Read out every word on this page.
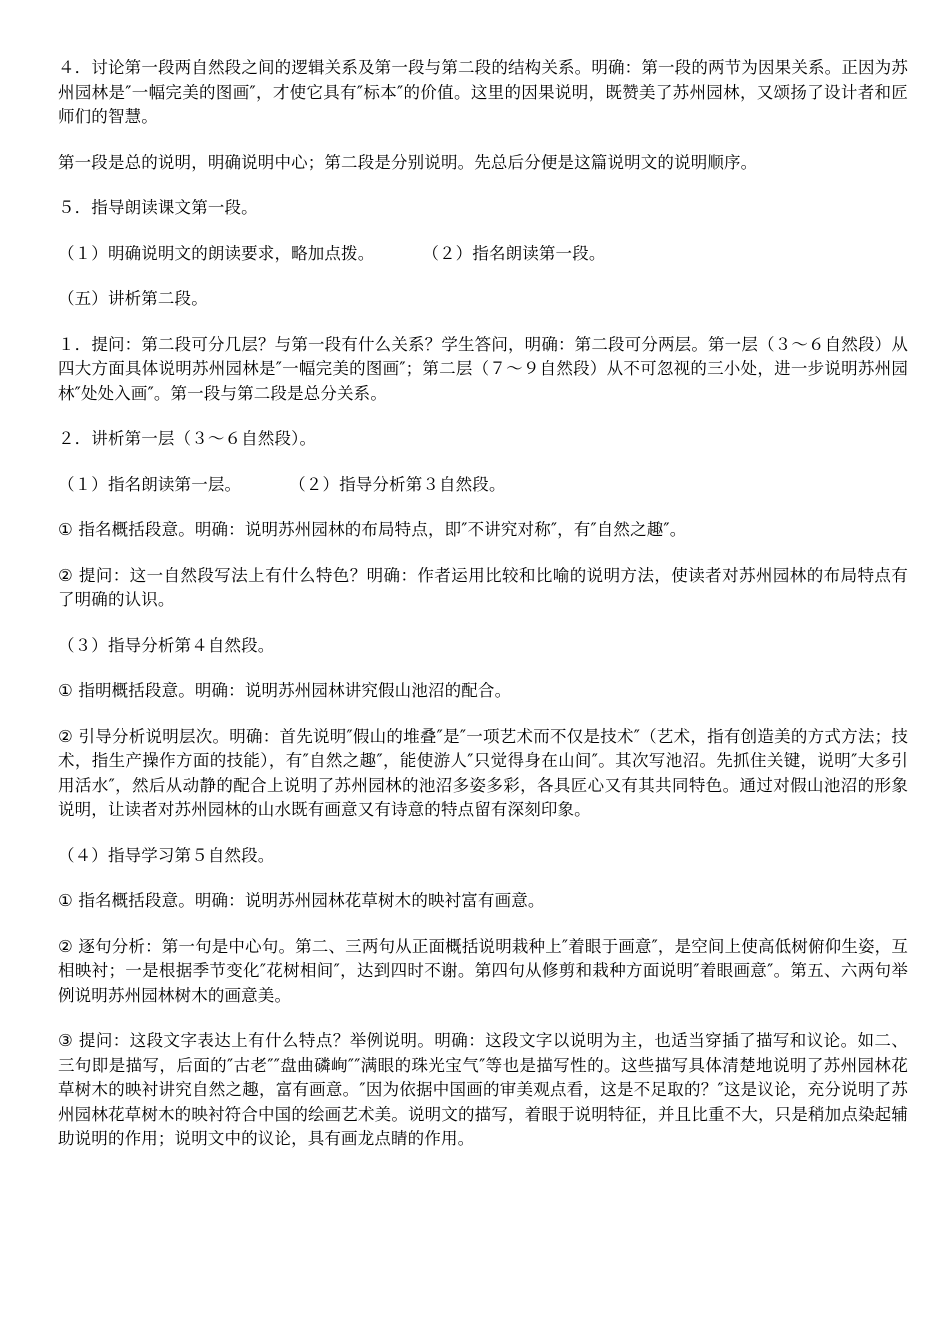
４．讨论第一段两自然段之间的逻辑关系及第一段与第二段的结构关系。明确：第一段的两节为因果关系。正因为苏州园林是″一幅完美的图画″，才使它具有″标本″的价值。这里的因果说明，既赞美了苏州园林，又颂扬了设计者和匠师们的智慧。

第一段是总的说明，明确说明中心；第二段是分别说明。先总后分便是这篇说明文的说明顺序。

５．指导朗读课文第一段。

（１）明确说明文的朗读要求，略加点拨。	（２）指名朗读第一段。

（五）讲析第二段。

１．提问：第二段可分几层？与第一段有什么关系？学生答问，明确：第二段可分两层。第一层（３～６自然段）从四大方面具体说明苏州园林是″一幅完美的图画″；第二层（７～９自然段）从不可忽视的三小处，进一步说明苏州园林″处处入画″。第一段与第二段是总分关系。

２．讲析第一层（３～６自然段）。

（１）指名朗读第一层。	（２）指导分析第３自然段。

① 指名概括段意。明确：说明苏州园林的布局特点，即″不讲究对称″，有″自然之趣″。

② 提问：这一自然段写法上有什么特色？明确：作者运用比较和比喻的说明方法，使读者对苏州园林的布局特点有了明确的认识。

（３）指导分析第４自然段。

① 指明概括段意。明确：说明苏州园林讲究假山池沼的配合。

② 引导分析说明层次。明确：首先说明″假山的堆叠″是″一项艺术而不仅是技术″（艺术，指有创造美的方式方法；技术，指生产操作方面的技能），有″自然之趣″，能使游人″只觉得身在山间″。其次写池沼。先抓住关键，说明″大多引用活水″，然后从动静的配合上说明了苏州园林的池沼多姿多彩，各具匠心又有其共同特色。通过对假山池沼的形象说明，让读者对苏州园林的山水既有画意又有诗意的特点留有深刻印象。

（４）指导学习第５自然段。

① 指名概括段意。明确：说明苏州园林花草树木的映衬富有画意。

② 逐句分析：第一句是中心句。第二、三两句从正面概括说明栽种上″着眼于画意″，是空间上使高低树俯仰生姿，互相映衬；一是根据季节变化″花树相间″，达到四时不谢。第四句从修剪和栽种方面说明″着眼画意″。第五、六两句举例说明苏州园林树木的画意美。

③ 提问：这段文字表达上有什么特点？举例说明。明确：这段文字以说明为主，也适当穿插了描写和议论。如二、三句即是描写，后面的″古老″″盘曲磷峋″″满眼的珠光宝气″等也是描写性的。这些描写具体清楚地说明了苏州园林花草树木的映衬讲究自然之趣，富有画意。″因为依据中国画的审美观点看，这是不足取的？″这是议论，充分说明了苏州园林花草树木的映衬符合中国的绘画艺术美。说明文的描写，着眼于说明特征，并且比重不大，只是稍加点染起辅助说明的作用；说明文中的议论，具有画龙点睛的作用。
